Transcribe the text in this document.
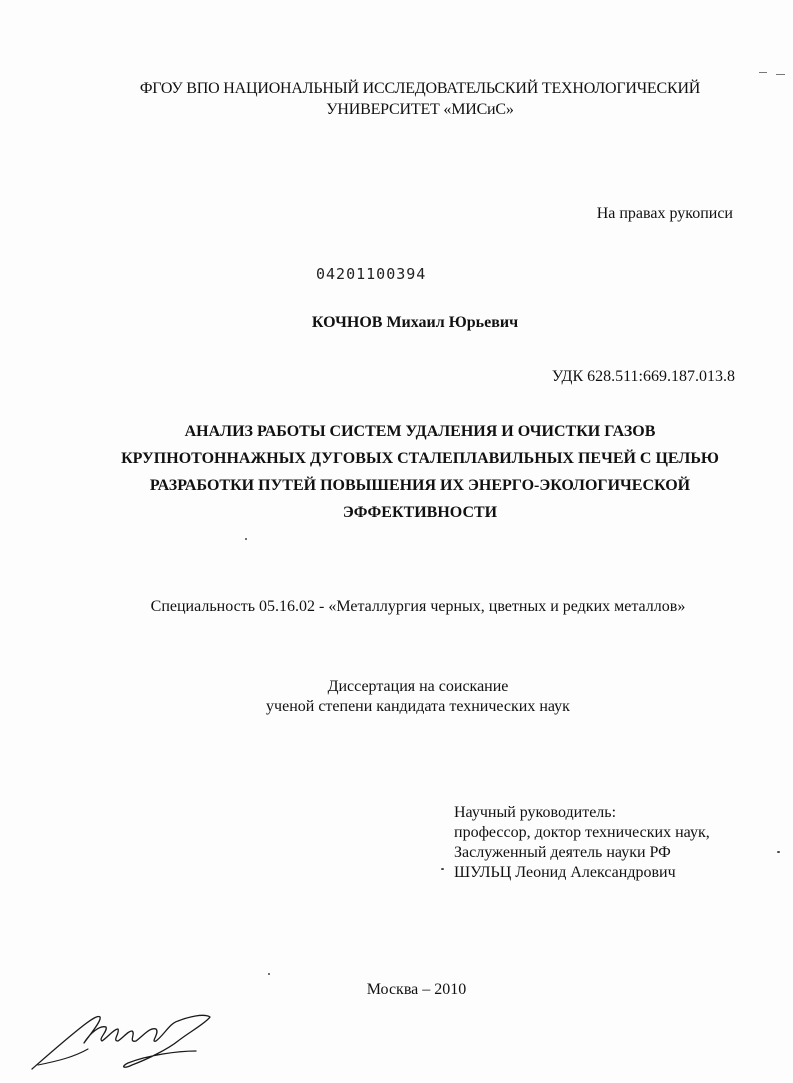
ФГОУ ВПО НАЦИОНАЛЬНЫЙ ИССЛЕДОВАТЕЛЬСКИЙ ТЕХНОЛОГИЧЕСКИЙ
УНИВЕРСИТЕТ «МИСиС»
На правах рукописи
04201100394
КОЧНОВ Михаил Юрьевич
УДК 628.511:669.187.013.8
АНАЛИЗ РАБОТЫ СИСТЕМ УДАЛЕНИЯ И ОЧИСТКИ ГАЗОВ
КРУПНОТОННАЖНЫХ ДУГОВЫХ СТАЛЕПЛАВИЛЬНЫХ ПЕЧЕЙ С ЦЕЛЬЮ
РАЗРАБОТКИ ПУТЕЙ ПОВЫШЕНИЯ ИХ ЭНЕРГО-ЭКОЛОГИЧЕСКОЙ
ЭФФЕКТИВНОСТИ
Специальность 05.16.02 - «Металлургия черных, цветных и редких металлов»
Диссертация на соискание
ученой степени кандидата технических наук
Научный руководитель:
профессор, доктор технических наук,
Заслуженный деятель науки РФ
ШУЛЬЦ Леонид Александрович
Москва – 2010
